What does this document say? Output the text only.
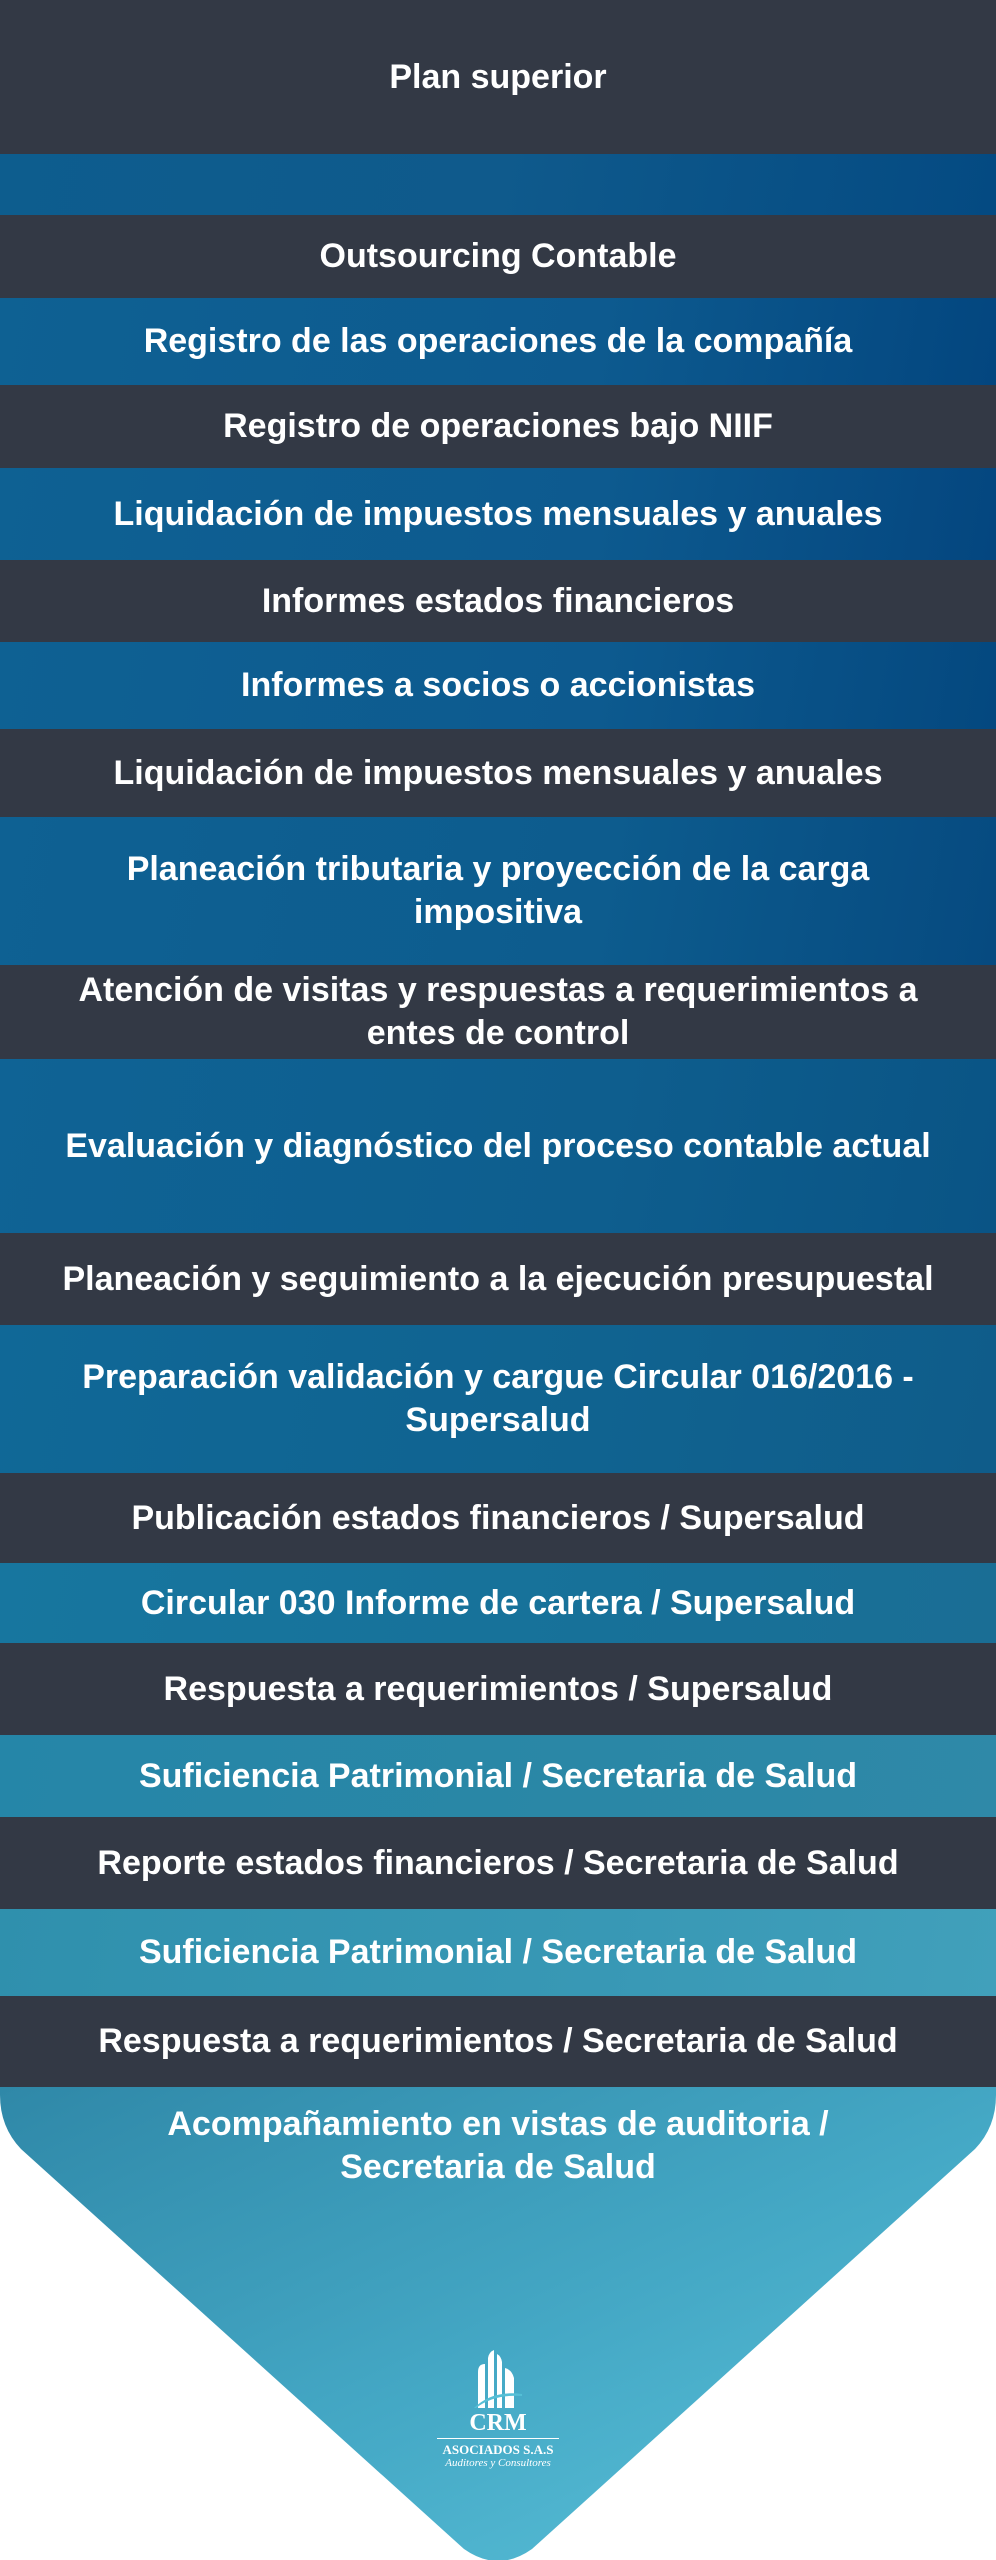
Plan superior
Outsourcing Contable
Registro de las operaciones de la compañía
Registro de operaciones bajo NIIF
Liquidación de impuestos mensuales y anuales
Informes estados financieros
Informes a socios o accionistas
Liquidación de impuestos mensuales y anuales
Planeación tributaria y proyección de la carga impositiva
Atención de visitas y respuestas a requerimientos a entes de control
Evaluación y diagnóstico del proceso contable actual
Planeación y seguimiento a la ejecución presupuestal
Preparación validación y cargue Circular 016/2016 - Supersalud
Publicación estados financieros / Supersalud
Circular 030 Informe de cartera / Supersalud
Respuesta a requerimientos / Supersalud
Suficiencia Patrimonial / Secretaria de Salud
Reporte estados financieros / Secretaria de Salud
Suficiencia Patrimonial / Secretaria de Salud
Respuesta a requerimientos / Secretaria de Salud
Acompañamiento en vistas de auditoria / Secretaria de Salud
CRM
ASOCIADOS S.A.S
Auditores y Consultores
